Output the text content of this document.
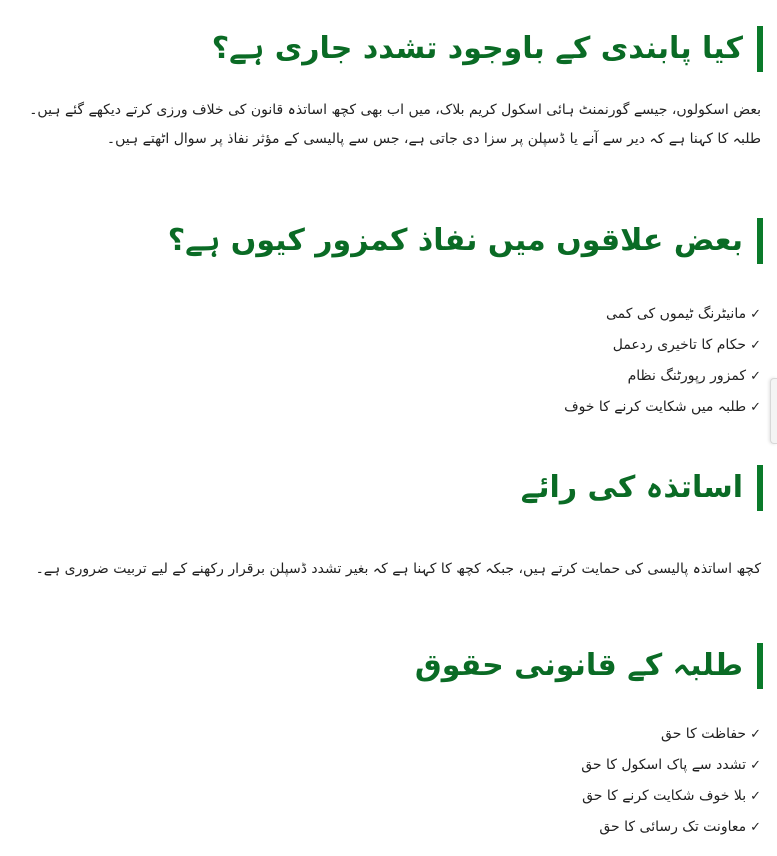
کیا پابندی کے باوجود تشدد جاری ہے؟

بعض اسکولوں، جیسے گورنمنٹ ہائی اسکول کریم بلاک، میں اب بھی کچھ اساتذہ قانون کی خلاف ورزی کرتے دیکھے گئے ہیں۔ طلبہ کا کہنا ہے کہ دیر سے آنے یا ڈسپلن پر سزا دی جاتی ہے، جس سے پالیسی کے مؤثر نفاذ پر سوال اٹھتے ہیں۔

بعض علاقوں میں نفاذ کمزور کیوں ہے؟
✓مانیٹرنگ ٹیموں کی کمی
✓حکام کا تاخیری ردعمل
✓کمزور رپورٹنگ نظام
✓طلبہ میں شکایت کرنے کا خوف
اساتذہ کی رائے

کچھ اساتذہ پالیسی کی حمایت کرتے ہیں، جبکہ کچھ کا کہنا ہے کہ بغیر تشدد ڈسپلن برقرار رکھنے کے لیے تربیت ضروری ہے۔

طلبہ کے قانونی حقوق
✓حفاظت کا حق
✓تشدد سے پاک اسکول کا حق
✓بلا خوف شکایت کرنے کا حق
✓معاونت تک رسائی کا حق
